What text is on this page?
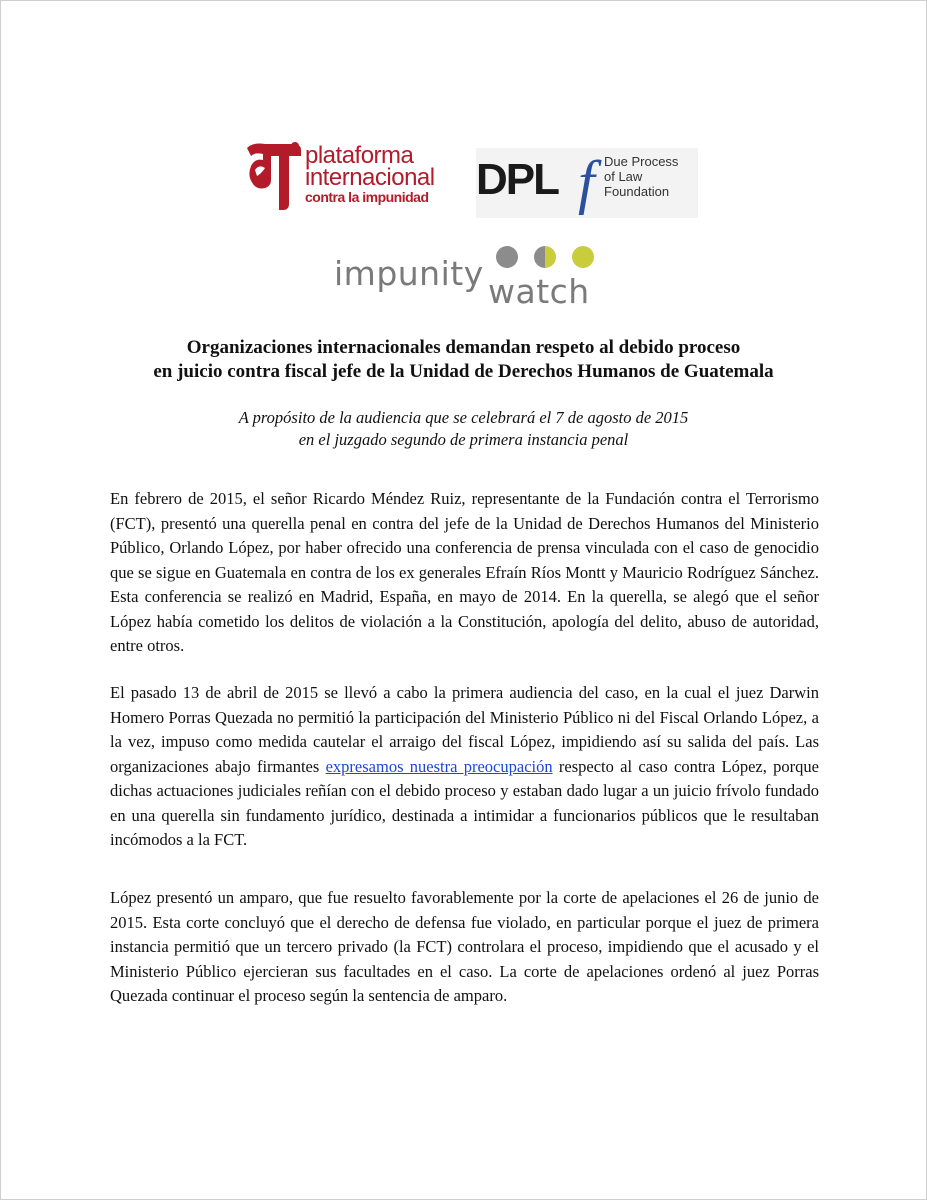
plataforma
internacional
contra la impunidad DPL f Due Process
of Law
Foundation
impunity watch
Organizaciones internacionales demandan respeto al debido proceso
en juicio contra fiscal jefe de la Unidad de Derechos Humanos de Guatemala

A propósito de la audiencia que se celebrará el 7 de agosto de 2015
en el juzgado segundo de primera instancia penal

En febrero de 2015, el señor Ricardo Méndez Ruiz, representante de la Fundación contra el Terrorismo (FCT), presentó una querella penal en contra del jefe de la Unidad de Derechos Humanos del Ministerio Público, Orlando López, por haber ofrecido una conferencia de prensa vinculada con el caso de genocidio que se sigue en Guatemala en contra de los ex generales Efraín Ríos Montt y Mauricio Rodríguez Sánchez. Esta conferencia se realizó en Madrid, España, en mayo de 2014. En la querella, se alegó que el señor López había cometido los delitos de violación a la Constitución, apología del delito, abuso de autoridad, entre otros.

El pasado 13 de abril de 2015 se llevó a cabo la primera audiencia del caso, en la cual el juez Darwin Homero Porras Quezada no permitió la participación del Ministerio Público ni del Fiscal Orlando López, a la vez, impuso como medida cautelar el arraigo del fiscal López, impidiendo así su salida del país. Las organizaciones abajo firmantes expresamos nuestra preocupación respecto al caso contra López, porque dichas actuaciones judiciales reñían con el debido proceso y estaban dado lugar a un juicio frívolo fundado en una querella sin fundamento jurídico, destinada a intimidar a funcionarios públicos que le resultaban incómodos a la FCT.

López presentó un amparo, que fue resuelto favorablemente por la corte de apelaciones el 26 de junio de 2015. Esta corte concluyó que el derecho de defensa fue violado, en particular porque el juez de primera instancia permitió que un tercero privado (la FCT) controlara el proceso, impidiendo que el acusado y el Ministerio Público ejercieran sus facultades en el caso. La corte de apelaciones ordenó al juez Porras Quezada continuar el proceso según la sentencia de amparo.
